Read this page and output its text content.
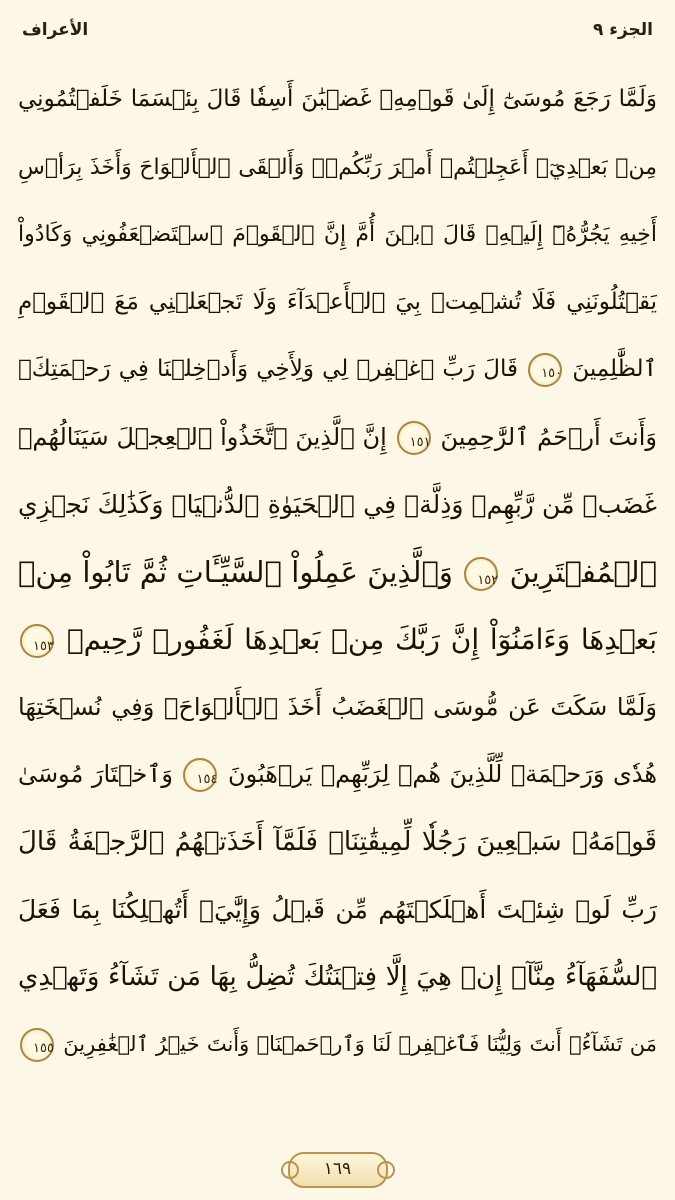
الجزء ٩
الأعراف
وَلَمَّا رَجَعَ مُوسَىٰٓ إِلَىٰ قَوۡمِهِۦ غَضۡبَٰنَ أَسِفٗا قَالَ بِئۡسَمَا خَلَفۡتُمُونِي
مِنۢ بَعۡدِيٓۖ أَعَجِلۡتُمۡ أَمۡرَ رَبِّكُمۡۖ وَأَلۡقَى ٱلۡأَلۡوَاحَ وَأَخَذَ بِرَأۡسِ
أَخِيهِ يَجُرُّهُۥٓ إِلَيۡهِۚ قَالَ ٱبۡنَ أُمَّ إِنَّ ٱلۡقَوۡمَ ٱسۡتَضۡعَفُونِي وَكَادُواْ
يَقۡتُلُونَنِي فَلَا تُشۡمِتۡ بِيَ ٱلۡأَعۡدَآءَ وَلَا تَجۡعَلۡنِي مَعَ ٱلۡقَوۡمِ
ٱلظَّٰلِمِينَ
١٥٠ قَالَ رَبِّ ٱغۡفِرۡ لِي وَلِأَخِي وَأَدۡخِلۡنَا فِي رَحۡمَتِكَۖ
وَأَنتَ أَرۡحَمُ ٱلرَّٰحِمِينَ
١٥١ إِنَّ ٱلَّذِينَ ٱتَّخَذُواْ ٱلۡعِجۡلَ سَيَنَالُهُمۡ
غَضَبٞ مِّن رَّبِّهِمۡ وَذِلَّةٞ فِي ٱلۡحَيَوٰةِ ٱلدُّنۡيَاۚ وَكَذَٰلِكَ نَجۡزِي
ٱلۡمُفۡتَرِينَ
١٥٢ وَٱلَّذِينَ عَمِلُواْ ٱلسَّيِّـَٔاتِ ثُمَّ تَابُواْ مِنۢ
بَعۡدِهَا وَءَامَنُوٓاْ إِنَّ رَبَّكَ مِنۢ بَعۡدِهَا لَغَفُورٞ رَّحِيمٞ
١٥٣
وَلَمَّا سَكَتَ عَن مُّوسَى ٱلۡغَضَبُ أَخَذَ ٱلۡأَلۡوَاحَۖ وَفِي نُسۡخَتِهَا
هُدٗى وَرَحۡمَةٞ لِّلَّذِينَ هُمۡ لِرَبِّهِمۡ يَرۡهَبُونَ
١٥٤ وَٱخۡتَارَ مُوسَىٰ
قَوۡمَهُۥ سَبۡعِينَ رَجُلٗا لِّمِيقَٰتِنَاۖ فَلَمَّآ أَخَذَتۡهُمُ ٱلرَّجۡفَةُ قَالَ
رَبِّ لَوۡ شِئۡتَ أَهۡلَكۡتَهُم مِّن قَبۡلُ وَإِيَّٰيَۖ أَتُهۡلِكُنَا بِمَا فَعَلَ
ٱلسُّفَهَآءُ مِنَّآۖ إِنۡ هِيَ إِلَّا فِتۡنَتُكَ تُضِلُّ بِهَا مَن تَشَآءُ وَتَهۡدِي
مَن تَشَآءُۖ أَنتَ وَلِيُّنَا فَٱغۡفِرۡ لَنَا وَٱرۡحَمۡنَاۖ وَأَنتَ خَيۡرُ ٱلۡغَٰفِرِينَ
١٥٥
١٦٩
